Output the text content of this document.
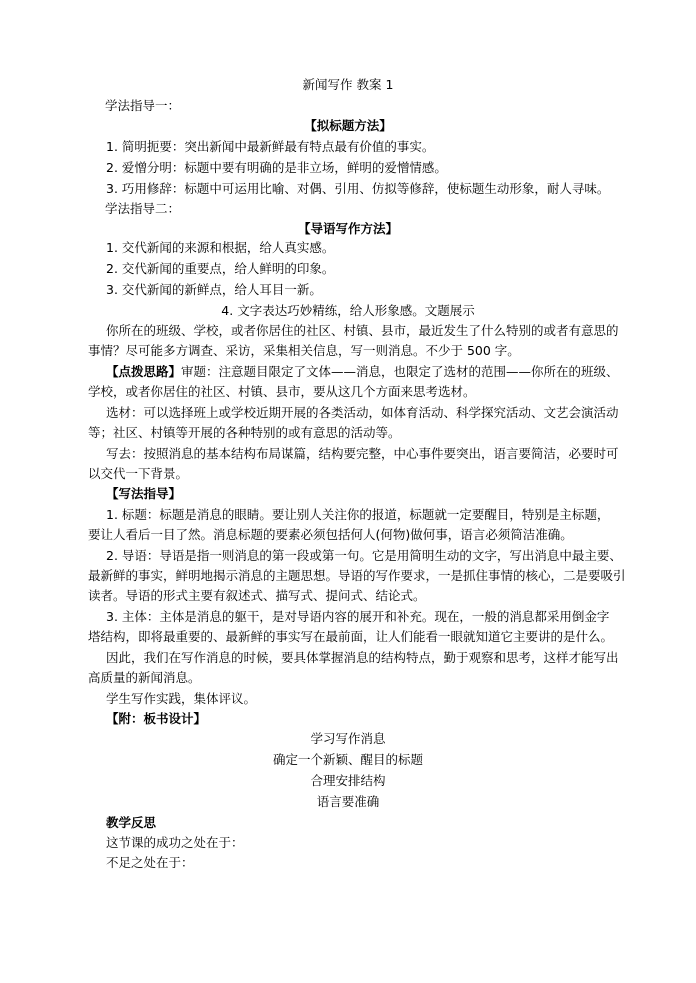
新闻写作 教案 1
学法指导一：
【拟标题方法】
1. 简明扼要：突出新闻中最新鲜最有特点最有价值的事实。
2. 爱憎分明：标题中要有明确的是非立场，鲜明的爱憎情感。
3. 巧用修辞：标题中可运用比喻、对偶、引用、仿拟等修辞，使标题生动形象，耐人寻味。
学法指导二：
【导语写作方法】
1. 交代新闻的来源和根据，给人真实感。
2. 交代新闻的重要点，给人鲜明的印象。
3. 交代新闻的新鲜点，给人耳目一新。
4. 文字表达巧妙精练，给人形象感。文题展示
你所在的班级、学校，或者你居住的社区、村镇、县市，最近发生了什么特别的或者有意思的
事情？尽可能多方调查、采访，采集相关信息，写一则消息。不少于 500 字。
【点拨思路】审题：注意题目限定了文体——消息，也限定了选材的范围——你所在的班级、
学校，或者你居住的社区、村镇、县市，要从这几个方面来思考选材。
选材：可以选择班上或学校近期开展的各类活动，如体育活动、科学探究活动、文艺会演活动
等；社区、村镇等开展的各种特别的或有意思的活动等。
写去：按照消息的基本结构布局谋篇，结构要完整，中心事件要突出，语言要简洁，必要时可
以交代一下背景。
【写法指导】
1. 标题：标题是消息的眼睛。要让别人关注你的报道，标题就一定要醒目，特别是主标题，
要让人看后一目了然。消息标题的要素必须包括何人(何物)做何事，语言必须简洁准确。
2. 导语：导语是指一则消息的第一段或第一句。它是用简明生动的文字，写出消息中最主要、
最新鲜的事实，鲜明地揭示消息的主题思想。导语的写作要求，一是抓住事情的核心，二是要吸引
读者。导语的形式主要有叙述式、描写式、提问式、结论式。
3. 主体：主体是消息的躯干，是对导语内容的展开和补充。现在，一般的消息都采用倒金字
塔结构，即将最重要的、最新鲜的事实写在最前面，让人们能看一眼就知道它主要讲的是什么。
因此，我们在写作消息的时候，要具体掌握消息的结构特点，勤于观察和思考，这样才能写出
高质量的新闻消息。
学生写作实践，集体评议。
【附：板书设计】
学习写作消息
确定一个新颖、醒目的标题
合理安排结构
语言要准确
教学反思
这节课的成功之处在于：
不足之处在于：
